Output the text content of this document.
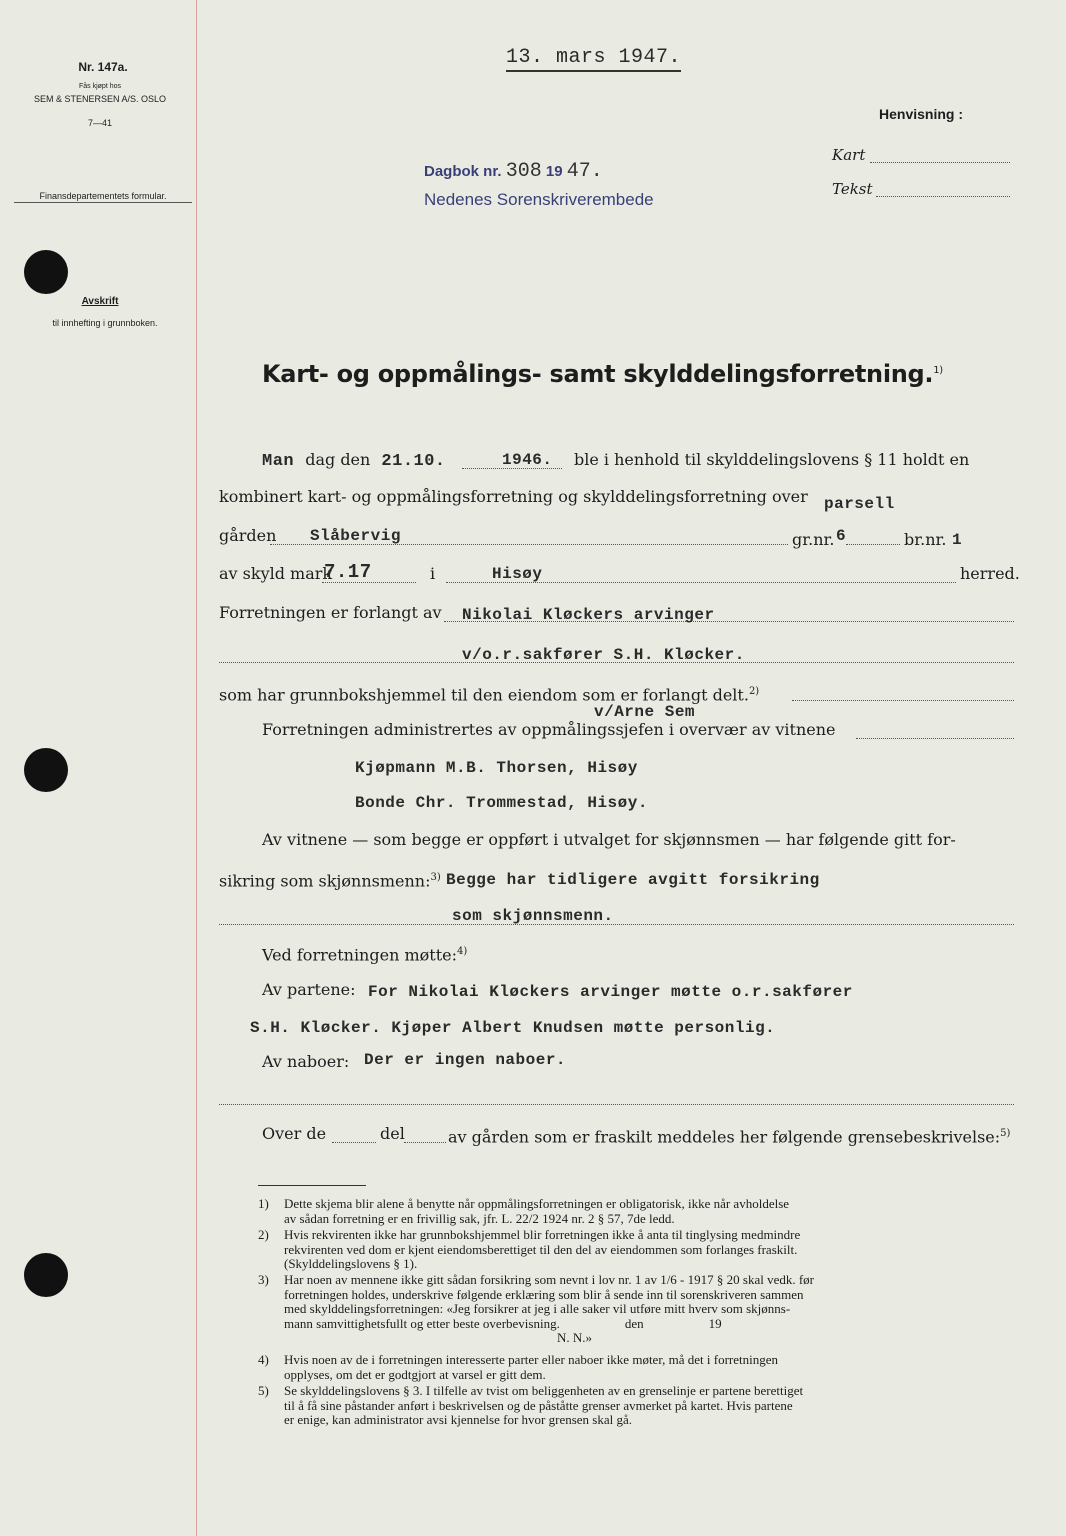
Nr. 147a.
Fås kjøpt hos
SEM & STENERSEN A/S. OSLO
7—41
Finansdepartementets formular.
Avskrift
til innhefting i grunnboken.
13. mars 1947.
Henvisning :
Kart
Tekst
Dagbok nr. 308 19 47.
Nedenes Sorenskriverembede
Kart- og oppmålings- samt skylddelingsforretning.$^{1)}$
Man dag den 21.10.	1946. ble i henhold til skylddelingslovens § 11 holdt en
kombinert kart- og oppmålingsforretning og skylddelingsforretning over parsell
gården Slåbervig	gr.nr. 6	br.nr. 1
av skyld mark
7.17	i	Hisøy	herred.
Forretningen er forlangt av Nikolai Kløckers arvinger
v/o.r.sakfører S.H. Kløcker.
som har grunnbokshjemmel til den eiendom som er forlangt delt.$^{2)}$
v/Arne Sem
Forretningen administrertes av oppmålingssjefen i overvær av vitnene
Kjøpmann M.B. Thorsen, Hisøy
Bonde Chr. Trommestad, Hisøy.
Av vitnene — som begge er oppført i utvalget for skjønnsmen — har følgende gitt for-
sikring som skjønnsmenn:$^{3)}$ Begge har tidligere avgitt forsikring
som skjønnsmenn.
Ved forretningen møtte:$^{4)}$
Av partene: For Nikolai Kløckers arvinger møtte o.r.sakfører
S.H. Kløcker. Kjøper Albert Knudsen møtte personlig.
Av naboer: Der er ingen naboer.
Over de	del	av gården som er fraskilt meddeles her følgende grensebeskrivelse:$^{5)}$
1) Dette skjema blir alene å benytte når oppmålingsforretningen er obligatorisk, ikke når avholdelse
av sådan forretning er en frivillig sak, jfr. L. 22/2 1924 nr. 2 § 57, 7de ledd.
2) Hvis rekvirenten ikke har grunnbokshjemmel blir forretningen ikke å anta til tinglysing medmindre
rekvirenten ved dom er kjent eiendomsberettiget til den del av eiendommen som forlanges fraskilt.
(Skylddelingslovens § 1).
3) Har noen av mennene ikke gitt sådan forsikring som nevnt i lov nr. 1 av 1/6 - 1917 § 20 skal vedk. før
forretningen holdes, underskrive følgende erklæring som blir å sende inn til sorenskriveren sammen
med skylddelingsforretningen: «Jeg forsikrer at jeg i alle saker vil utføre mitt hverv som skjønns-
mann samvittighetsfullt og etter beste overbevisning.                    den                    19
N. N.»
4) Hvis noen av de i forretningen interesserte parter eller naboer ikke møter, må det i forretningen
opplyses, om det er godtgjort at varsel er gitt dem.
5) Se skylddelingslovens § 3. I tilfelle av tvist om beliggenheten av en grenselinje er partene berettiget
til å få sine påstander anført i beskrivelsen og de påståtte grenser avmerket på kartet. Hvis partene
er enige, kan administrator avsi kjennelse for hvor grensen skal gå.
